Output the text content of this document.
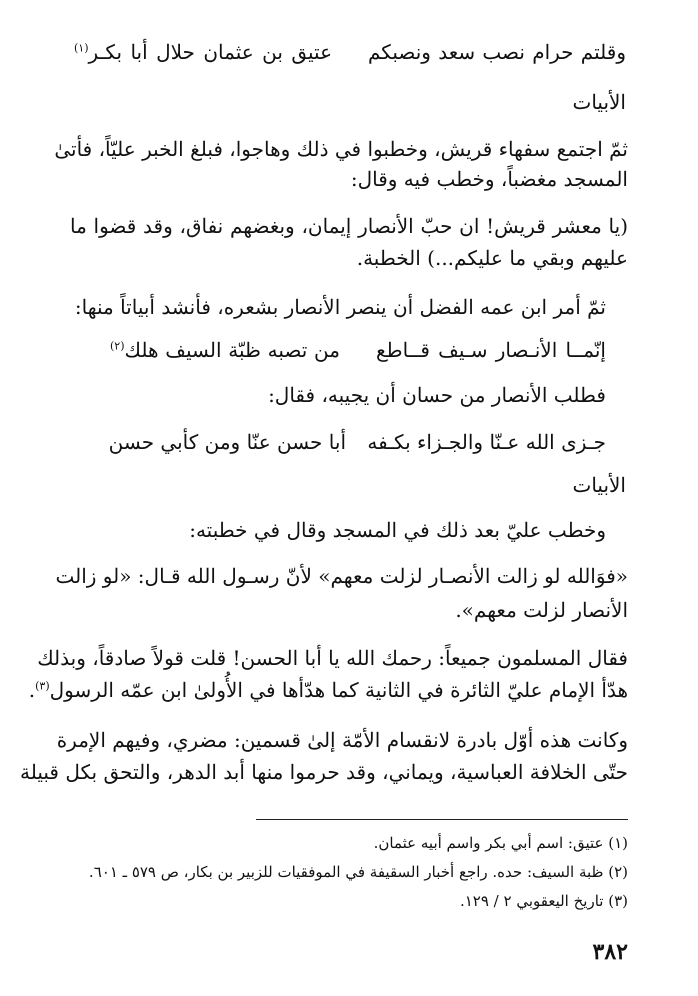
وقلتم حرام نصب سعد ونصبكم
عتيق بن عثمان حلال أبا بكـر$^{(١)}$
الأبيات
ثمّ اجتمع سفهاء قريش، وخطبوا في ذلك وهاجوا، فبلغ الخبر عليّاً، فأتىٰ
المسجد مغضباً، وخطب فيه وقال:
(يا معشر قريش! ان حبّ الأنصار إيمان، وبغضهم نفاق، وقد قضوا ما
عليهم وبقي ما عليكم...) الخطبة.
ثمّ أمر ابن عمه الفضل أن ينصر الأنصار بشعره، فأنشد أبياتاً منها:
إنّمــا الأنـصار سـيف قــاطع
من تصبه ظبّة السيف هلك$^{(٢)}$
فطلب الأنصار من حسان أن يجيبه، فقال:
جـزى الله عـنّا والجـزاء بكـفه
أبا حسن عنّا ومن كأبي حسن
الأبيات
وخطب عليّ بعد ذلك في المسجد وقال في خطبته:
«فوَالله لو زالت الأنصـار لزلت معهم» لأنّ رسـول الله قـال: «لو زالت
الأنصار لزلت معهم».
فقال المسلمون جميعاً: رحمك الله يا أبا الحسن! قلت قولاً صادقاً، وبذلك
هدّأ الإمام عليّ الثائرة في الثانية كما هدّأها في الأُولىٰ ابن عمّه الرسول$^{(٣)}$.
وكانت هذه أوّل بادرة لانقسام الأمّة إلىٰ قسمين: مضري، وفيهم الإمرة
حتّى الخلافة العباسية، ويماني، وقد حرموا منها أبد الدهر، والتحق بكل قبيلة
(١) عتيق: اسم أبي بكر واسم أبيه عثمان.
(٢) ظبة السيف: حده. راجع أخبار السقيفة في الموفقيات للزبير بن بكار، ص ٥٧٩ ـ ٦٠١.
(٣) تاريخ اليعقوبي ٢ / ١٢٩.
٣٨٢
